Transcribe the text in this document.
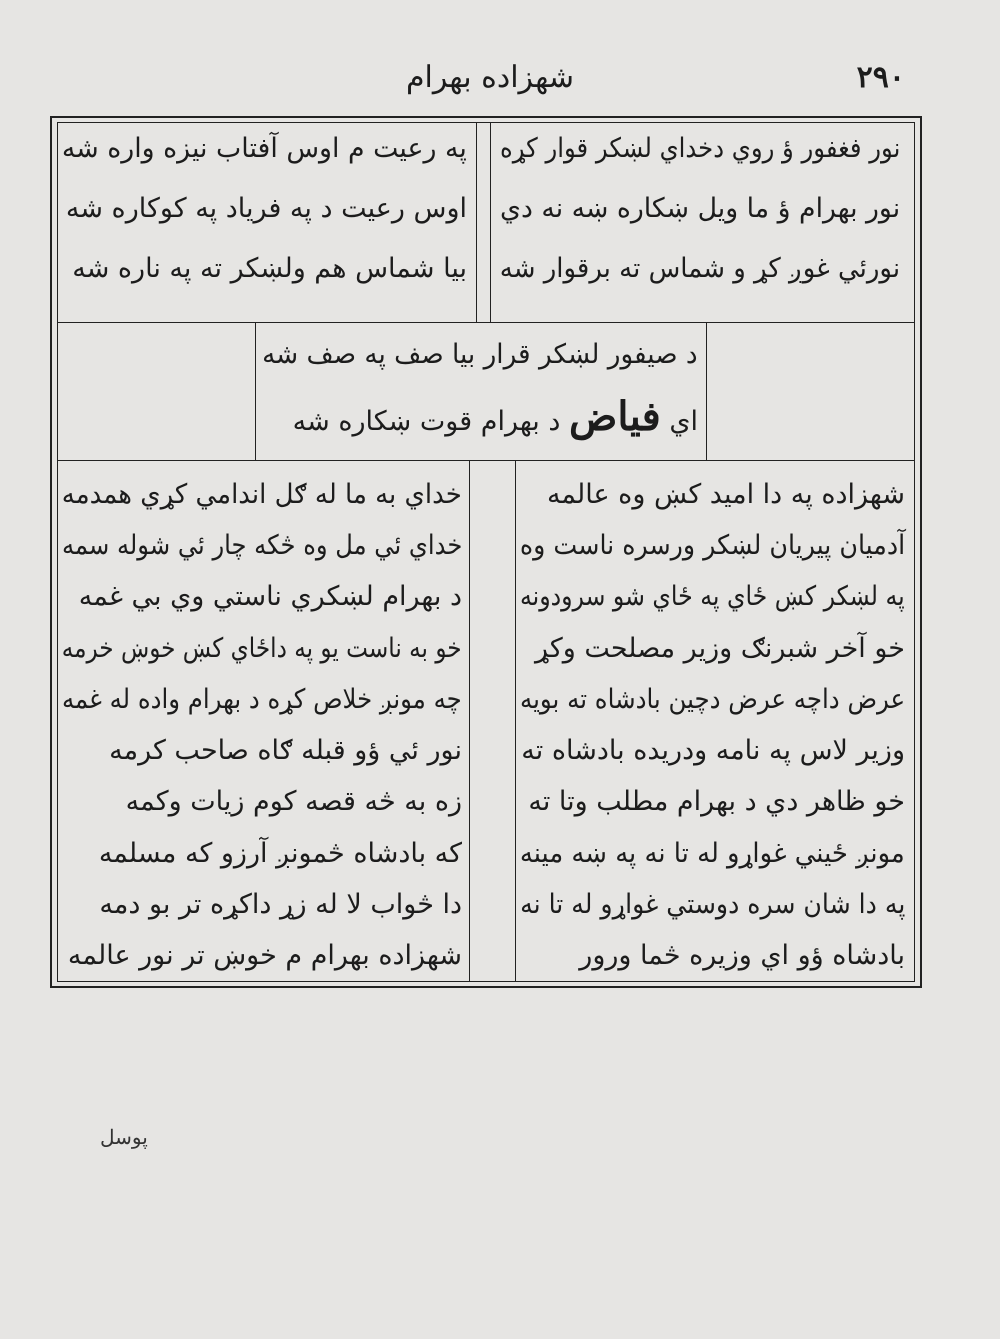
شهزاده بهرام	۲۹۰
نور فغفور ؤ روي دخداي لښكر قوار كړه
نور بهرام ؤ ما ويل ښكاره ښه نه دي
نورئي غوږ كړ و شماس ته برقوار شه
په رعيت م اوس آفتاب نيزه واره شه
اوس رعيت د په فرياد په كوكاره شه
بيا شماس هم ولښكر ته په ناره شه
د صيفور لښكر قرار بيا صف په صف شه
اي فياض د بهرام قوت ښكاره شه
شهزاده په دا اميد كښ وه عالمه
آدميان پيريان لښكر ورسره ناست وه
په لښكر كښ ځاي په ځاي شو سرودونه
خو آخر شبرنګ وزير مصلحت وكړ
عرض داچه عرض دچين بادشاه ته بويه
وزير لاس په نامه ودريده بادشاه ته
خو ظاهر دي د بهرام مطلب وتا ته
مونږ ځيني غواړو له تا نه په ښه مينه
په دا شان سره دوستي غواړو له تا نه
بادشاه ؤو اي وزيره څما ورور
خداي به ما له ګل اندامي كړي همدمه
خداي ئي مل وه څكه چار ئي شوله سمه
د بهرام لښكري ناستي وي بي غمه
خو به ناست يو په داځاي كښ خوښ خرمه
چه مونږ خلاص كړه د بهرام واده له غمه
نور ئي ؤو قبله ګاه صاحب كرمه
زه به څه قصه كوم زيات وكمه
كه بادشاه څمونږ آرزو كه مسلمه
دا څواب لا له زړ داكړه تر بو دمه
شهزاده بهرام م خوښ تر نور عالمه
پوسل
